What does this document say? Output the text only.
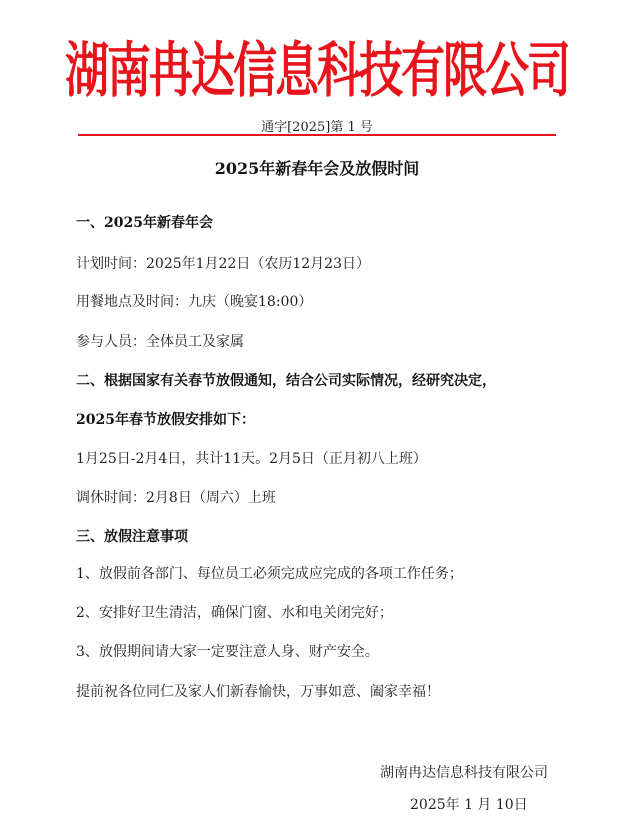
湖南冉达信息科技有限公司
通字[2025]第 1 号
2025年新春年会及放假时间
一、2025年新春年会
计划时间：2025年1月22日（农历12月23日）
用餐地点及时间：九庆（晚宴18:00）
参与人员：全体员工及家属
二、根据国家有关春节放假通知，结合公司实际情况，经研究决定，
2025年春节放假安排如下：
1月25日-2月4日，共计11天。2月5日（正月初八上班）
调休时间：2月8日（周六）上班
三、放假注意事项
1、放假前各部门、每位员工必须完成应完成的各项工作任务；
2、安排好卫生清洁，确保门窗、水和电关闭完好；
3、放假期间请大家一定要注意人身、财产安全。
提前祝各位同仁及家人们新春愉快，万事如意、阖家幸福！
湖南冉达信息科技有限公司
2025年 1 月 10日
